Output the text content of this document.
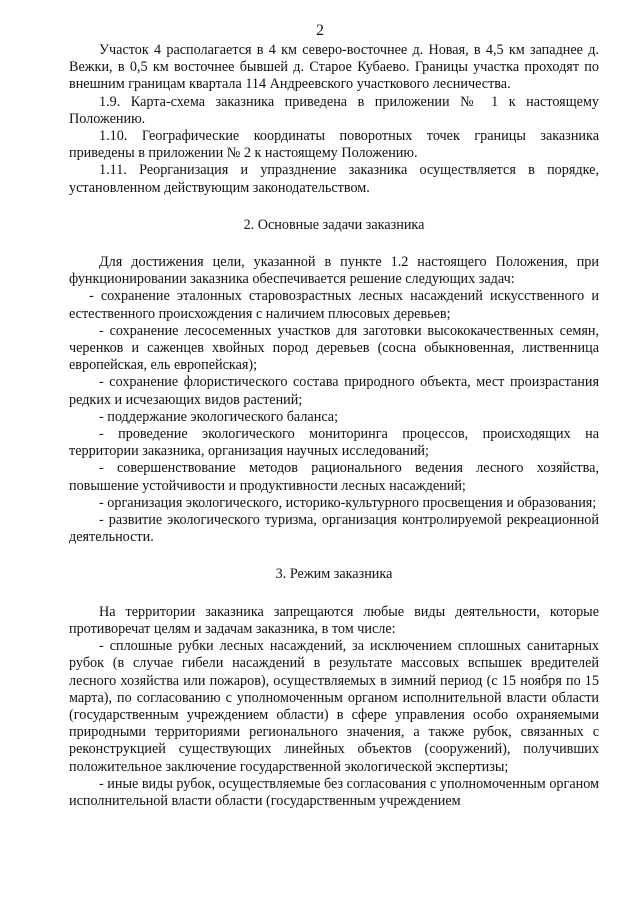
2

Участок 4 располагается в 4 км северо-восточнее д. Новая, в 4,5 км западнее д. Вежки, в 0,5 км восточнее бывшей д. Старое Кубаево. Границы участка проходят по внешним границам квартала 114 Андреевского участкового лесничества.

1.9. Карта-схема заказника приведена в приложении № 1 к настоящему Положению.

1.10. Географические координаты поворотных точек границы заказника приведены в приложении № 2 к настоящему Положению.

1.11. Реорганизация и упразднение заказника осуществляется в порядке, установленном действующим законодательством.

2. Основные задачи заказника

Для достижения цели, указанной в пункте 1.2 настоящего Положения, при функционировании заказника обеспечивается решение следующих задач:

- сохранение эталонных старовозрастных лесных насаждений искусственного и естественного происхождения с наличием плюсовых деревьев;

- сохранение лесосеменных участков для заготовки высококачественных семян, черенков и саженцев хвойных пород деревьев (сосна обыкновенная, лиственница европейская, ель европейская);

- сохранение флористического состава природного объекта, мест произрастания редких и исчезающих видов растений;

- поддержание экологического баланса;

- проведение экологического мониторинга процессов, происходящих на территории заказника, организация научных исследований;

- совершенствование методов рационального ведения лесного хозяйства, повышение устойчивости и продуктивности лесных насаждений;

- организация экологического, историко-культурного просвещения и образования;

- развитие экологического туризма, организация контролируемой рекреационной деятельности.

3. Режим заказника

На территории заказника запрещаются любые виды деятельности, которые противоречат целям и задачам заказника, в том числе:

- сплошные рубки лесных насаждений, за исключением сплошных санитарных рубок (в случае гибели насаждений в результате массовых вспышек вредителей лесного хозяйства или пожаров), осуществляемых в зимний период (с 15 ноября по 15 марта), по согласованию с уполномоченным органом исполнительной власти области (государственным учреждением области) в сфере управления особо охраняемыми природными территориями регионального значения, а также рубок, связанных с реконструкцией существующих линейных объектов (сооружений), получивших положительное заключение государственной экологической экспертизы;

- иные виды рубок, осуществляемые без согласования с уполномоченным органом исполнительной власти области (государственным учреждением
